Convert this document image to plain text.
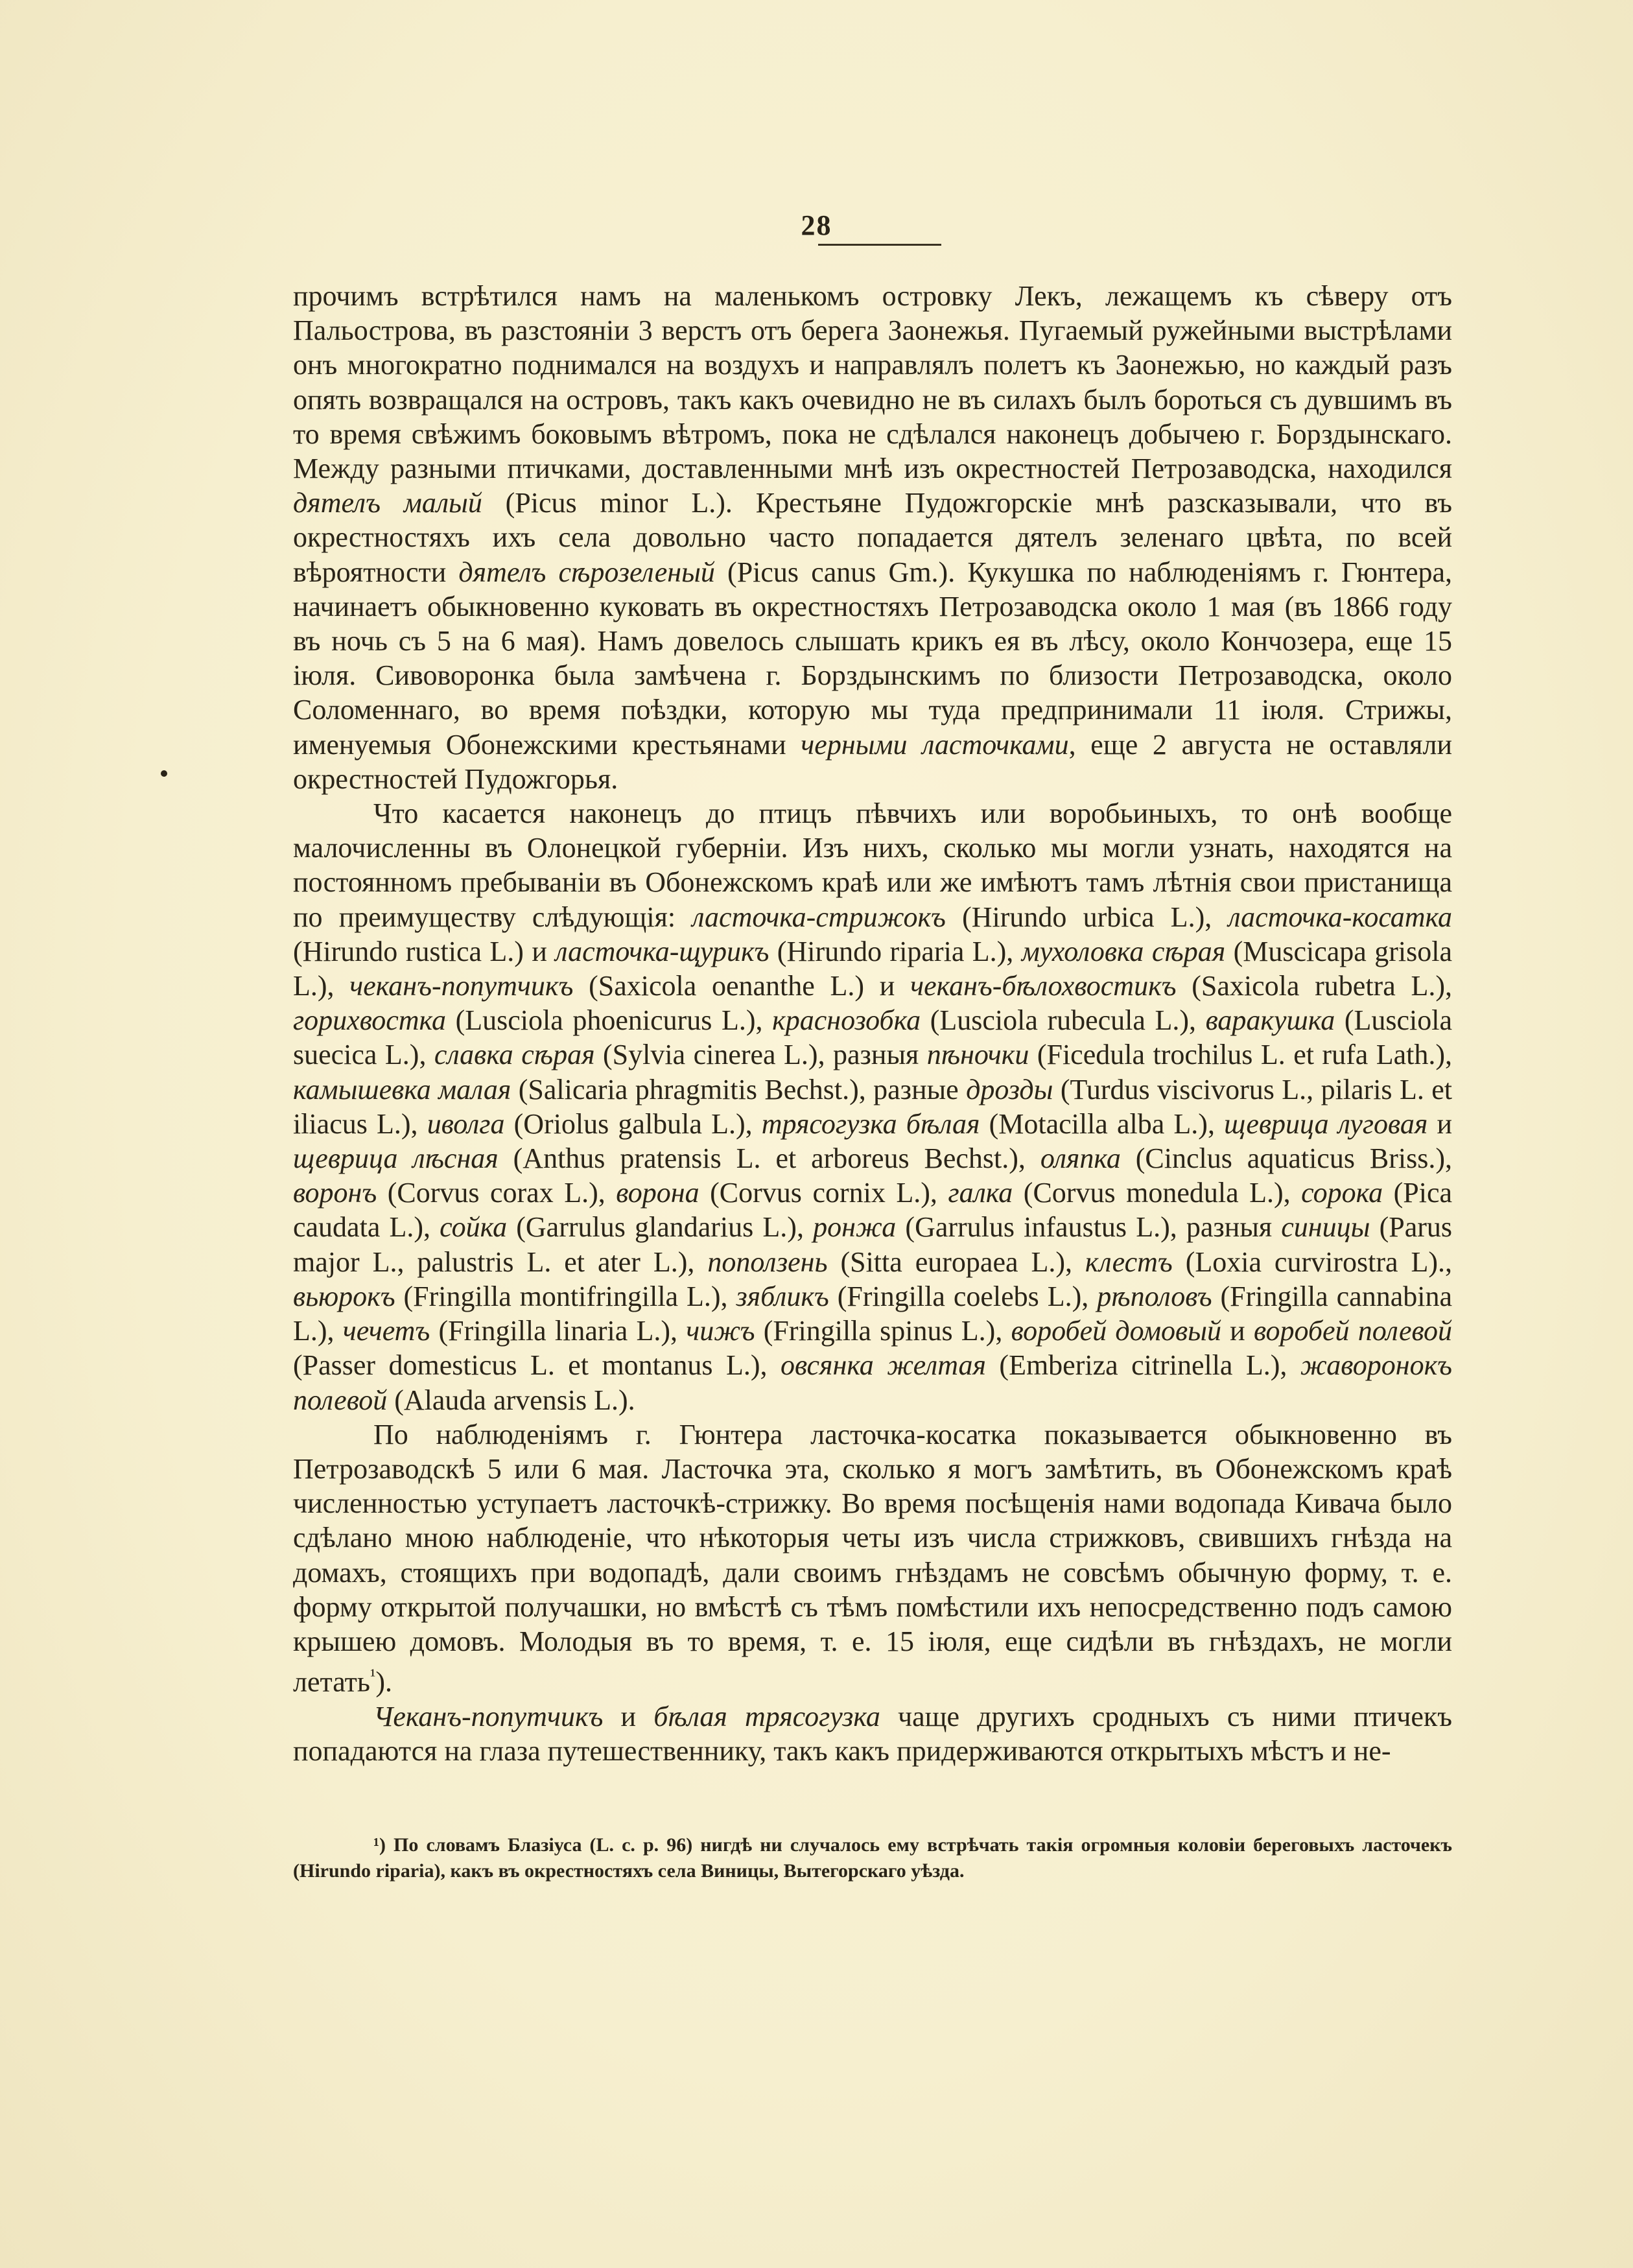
28

прочимъ встрѣтился намъ на маленькомъ островку Лекъ, лежащемъ къ сѣверу отъ Пальострова, въ разстояніи 3 верстъ отъ берега Заонежья. Пугаемый ружейными выстрѣлами онъ многократно поднимался на воздухъ и направлялъ полетъ къ Заонежью, но каждый разъ опять возвращался на островъ, такъ какъ очевидно не въ силахъ былъ бороться съ дувшимъ въ то время свѣжимъ боковымъ вѣтромъ, пока не сдѣлался наконецъ добычею г. Борздынскаго. Между разными птичками, доставленными мнѣ изъ окрестностей Петрозаводска, находился дятелъ малый (Picus minor L.). Крестьяне Пудожгорскіе мнѣ разсказывали, что въ окрестностяхъ ихъ села довольно часто попадается дятелъ зеленаго цвѣта, по всей вѣроятности дятелъ сѣрозеленый (Picus canus Gm.). Кукушка по наблюденіямъ г. Гюнтера, начинаетъ обыкновенно куковать въ окрестностяхъ Петрозаводска около 1 мая (въ 1866 году въ ночь съ 5 на 6 мая). Намъ довелось слышать крикъ ея въ лѣсу, около Кончозера, еще 15 іюля. Сивоворонка была замѣчена г. Борздынскимъ по близости Петрозаводска, около Соломеннаго, во время поѣздки, которую мы туда предпринимали 11 іюля. Стрижы, именуемыя Обонежскими крестьянами черными ласточками, еще 2 августа не оставляли окрестностей Пудожгорья.

Что касается наконецъ до птицъ пѣвчихъ или воробьиныхъ, то онѣ вообще малочисленны въ Олонецкой губерніи. Изъ нихъ, сколько мы могли узнать, находятся на постоянномъ пребываніи въ Обонежскомъ краѣ или же имѣютъ тамъ лѣтнія свои пристанища по преимуществу слѣдующія: ласточка-стрижокъ (Hirundo urbica L.), ласточка-косатка (Hirundo rustica L.) и ласточка-щурикъ (Hirundo riparia L.), мухоловка сѣрая (Muscicapa grisola L.), чеканъ-попутчикъ (Saxicola oenanthe L.) и чеканъ-бѣлохвостикъ (Saxicola rubetra L.), горихвостка (Lusciola phoenicurus L.), краснозобка (Lusciola rubecula L.), варакушка (Lusciola suecica L.), славка сѣрая (Sylvia cinerea L.), разныя пѣночки (Ficedula trochilus L. et rufa Lath.), камышевка малая (Salicaria phragmitis Bechst.), разные дрозды (Turdus viscivorus L., pilaris L. et iliacus L.), иволга (Oriolus galbula L.), трясогузка бѣлая (Motacilla alba L.), щеврица луговая и щеврица лѣсная (Anthus pratensis L. et arboreus Bechst.), оляпка (Cinclus aquaticus Briss.), воронъ (Corvus corax L.), ворона (Corvus cornix L.), галка (Corvus monedula L.), сорока (Pica caudata L.), сойка (Garrulus glandarius L.), ронжа (Garrulus infaustus L.), разныя синицы (Parus major L., palustris L. et ater L.), поползень (Sitta europaea L.), клестъ (Loxia curvirostra L)., вьюрокъ (Fringilla montifringilla L.), зябликъ (Fringilla coelebs L.), рѣполовъ (Fringilla cannabina L.), чечетъ (Fringilla linaria L.), чижъ (Fringilla spinus L.), воробей домовый и воробей полевой (Passer domesticus L. et montanus L.), овсянка желтая (Emberiza citrinella L.), жаворонокъ полевой (Alauda arvensis L.).

По наблюденіямъ г. Гюнтера ласточка-косатка показывается обыкновенно въ Петрозаводскѣ 5 или 6 мая. Ласточка эта, сколько я могъ замѣтить, въ Обонежскомъ краѣ численностью уступаетъ ласточкѣ-стрижку. Во время посѣщенія нами водопада Кивача было сдѣлано мною наблюденіе, что нѣкоторыя четы изъ числа стрижковъ, свившихъ гнѣзда на домахъ, стоящихъ при водопадѣ, дали своимъ гнѣздамъ не совсѣмъ обычную форму, т. е. форму открытой получашки, но вмѣстѣ съ тѣмъ помѣстили ихъ непосредственно подъ самою крышею домовъ. Молодыя въ то время, т. е. 15 іюля, еще сидѣли въ гнѣздахъ, не могли летать$^{^1}$).

Чеканъ-попутчикъ и бѣлая трясогузка чаще другихъ сродныхъ съ ними птичекъ попадаются на глаза путешественнику, такъ какъ придерживаются открытыхъ мѣстъ и не-

¹) По словамъ Блазіуса (L. c. p. 96) нигдѣ ни случалось ему встрѣчать такія огромныя коловіи береговыхъ ласточекъ (Hirundo riparia), какъ въ окрестностяхъ села Виницы, Вытегорскаго уѣзда.
